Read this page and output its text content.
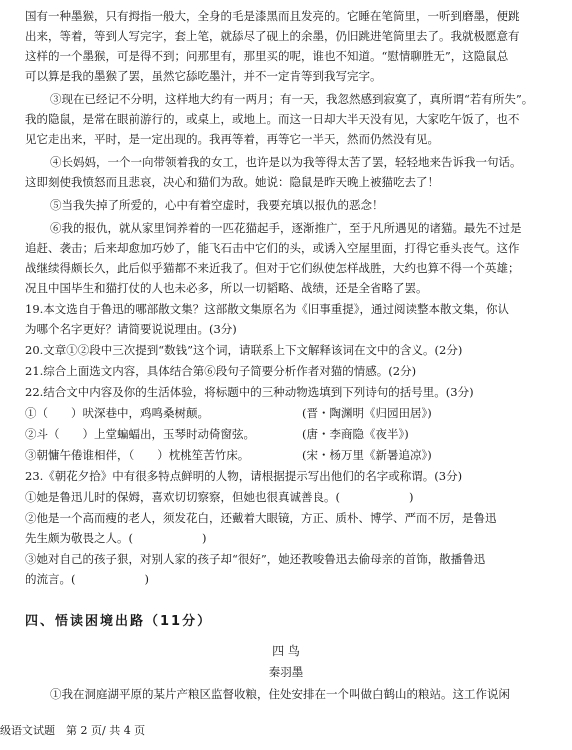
国有一种墨猴，只有拇指一般大，全身的毛是漆黑而且发亮的。它睡在笔筒里，一听到磨墨，便跳
出来，等着，等到人写完字，套上笔，就舔尽了砚上的余墨，仍旧跳进笔筒里去了。我就极愿意有
这样的一个墨猴，可是得不到；问那里有，那里买的呢，谁也不知道。“慰情聊胜无”，这隐鼠总
可以算是我的墨猴了罢，虽然它舔吃墨汁，并不一定肯等到我写完字。
③现在已经记不分明，这样地大约有一两月；有一天，我忽然感到寂寞了，真所谓“若有所失”。
我的隐鼠，是常在眼前游行的，或桌上，或地上。而这一日却大半天没有见，大家吃午饭了，也不
见它走出来，平时，是一定出现的。我再等着，再等它一半天，然而仍然没有见。
④长妈妈，一个一向带领着我的女工，也许是以为我等得太苦了罢，轻轻地来告诉我一句话。
这即刻使我愤怒而且悲哀，决心和猫们为敌。她说：隐鼠是昨天晚上被猫吃去了！
⑤当我失掉了所爱的，心中有着空虚时，我要充填以报仇的恶念！
⑥我的报仇，就从家里饲养着的一匹花猫起手，逐渐推广，至于凡所遇见的诸猫。最先不过是
追赶、袭击；后来却愈加巧妙了，能飞石击中它们的头，或诱入空屋里面，打得它垂头丧气。这作
战继续得颇长久，此后似乎猫都不来近我了。但对于它们纵使怎样战胜，大约也算不得一个英雄；
况且中国毕生和猫打仗的人也未必多，所以一切韬略、战绩，还是全省略了罢。
19.本文选自于鲁迅的哪部散文集？这部散文集原名为《旧事重提》，通过阅读整本散文集，你认
为哪个名字更好？请简要说说理由。(3分)
20.文章①②段中三次提到“数钱”这个词，请联系上下文解释该词在文中的含义。(2分)
21.综合上面选文内容，具体结合第⑥段句子简要分析作者对猫的情感。(2分)
22.结合文中内容及你的生活体验，将标题中的三种动物选填到下列诗句的括号里。(3分)
①（　　）吠深巷中，鸡鸣桑树颠。	(晋・陶渊明《归园田居》)
②斗（　　）上堂蝙蝠出，玉琴时动倚窗弦。	(唐・李商隐《夜半》)
③朝慵午倦谁相伴，（　　）枕桃笙苦竹床。	(宋・杨万里《新暑追凉》)
23.《朝花夕拾》中有很多特点鲜明的人物，请根据提示写出他们的名字或称谓。(3分)
①她是鲁迅儿时的保姆，喜欢切切察察，但她也很真诚善良。(　　　　　　)
②他是一个高而瘦的老人，须发花白，还戴着大眼镜，方正、质朴、博学、严而不厉，是鲁迅
先生颇为敬畏之人。(　　　　　　)
③她对自己的孩子狠，对别人家的孩子却“很好”，她还教唆鲁迅去偷母亲的首饰，散播鲁迅
的流言。(　　　　　　)
四、悟读困境出路（11分）
四 鸟
秦羽墨
①我在洞庭湖平原的某片产粮区监督收粮，住处安排在一个叫做白鹤山的粮站。这工作说闲
级语文试题　第 2 页/ 共 4 页
